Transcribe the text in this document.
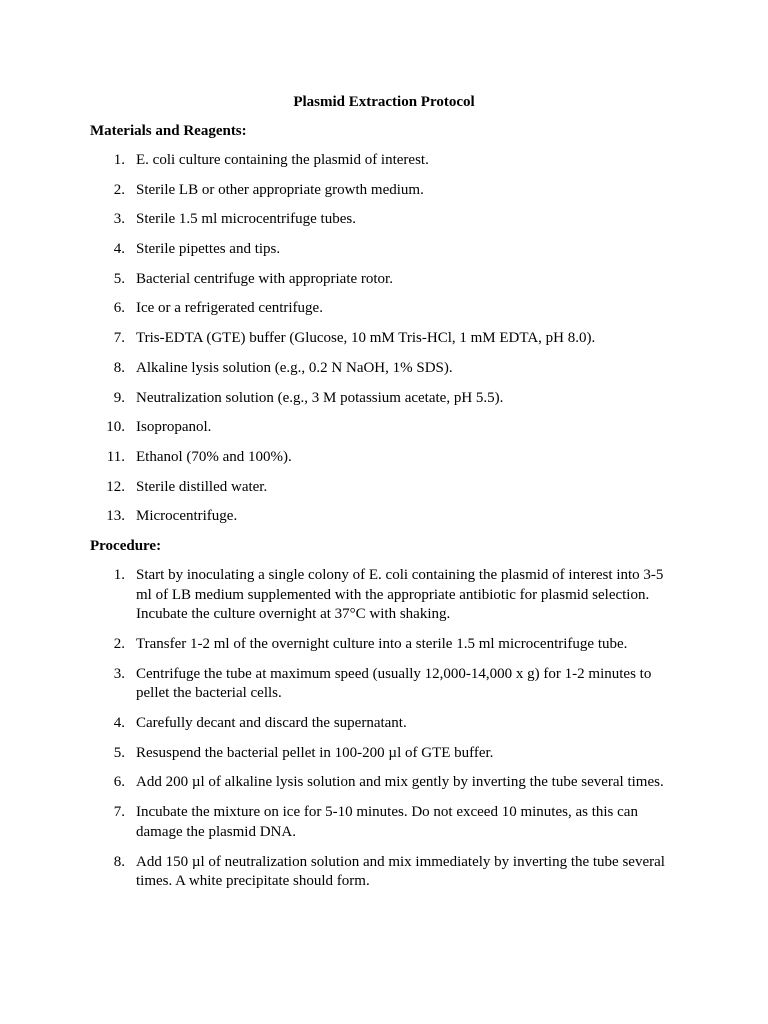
Plasmid Extraction Protocol
Materials and Reagents:
1. E. coli culture containing the plasmid of interest.
2. Sterile LB or other appropriate growth medium.
3. Sterile 1.5 ml microcentrifuge tubes.
4. Sterile pipettes and tips.
5. Bacterial centrifuge with appropriate rotor.
6. Ice or a refrigerated centrifuge.
7. Tris-EDTA (GTE) buffer (Glucose, 10 mM Tris-HCl, 1 mM EDTA, pH 8.0).
8. Alkaline lysis solution (e.g., 0.2 N NaOH, 1% SDS).
9. Neutralization solution (e.g., 3 M potassium acetate, pH 5.5).
10. Isopropanol.
11. Ethanol (70% and 100%).
12. Sterile distilled water.
13. Microcentrifuge.
Procedure:
1. Start by inoculating a single colony of E. coli containing the plasmid of interest into 3-5 ml of LB medium supplemented with the appropriate antibiotic for plasmid selection. Incubate the culture overnight at 37°C with shaking.
2. Transfer 1-2 ml of the overnight culture into a sterile 1.5 ml microcentrifuge tube.
3. Centrifuge the tube at maximum speed (usually 12,000-14,000 x g) for 1-2 minutes to pellet the bacterial cells.
4. Carefully decant and discard the supernatant.
5. Resuspend the bacterial pellet in 100-200 µl of GTE buffer.
6. Add 200 µl of alkaline lysis solution and mix gently by inverting the tube several times.
7. Incubate the mixture on ice for 5-10 minutes. Do not exceed 10 minutes, as this can damage the plasmid DNA.
8. Add 150 µl of neutralization solution and mix immediately by inverting the tube several times. A white precipitate should form.
